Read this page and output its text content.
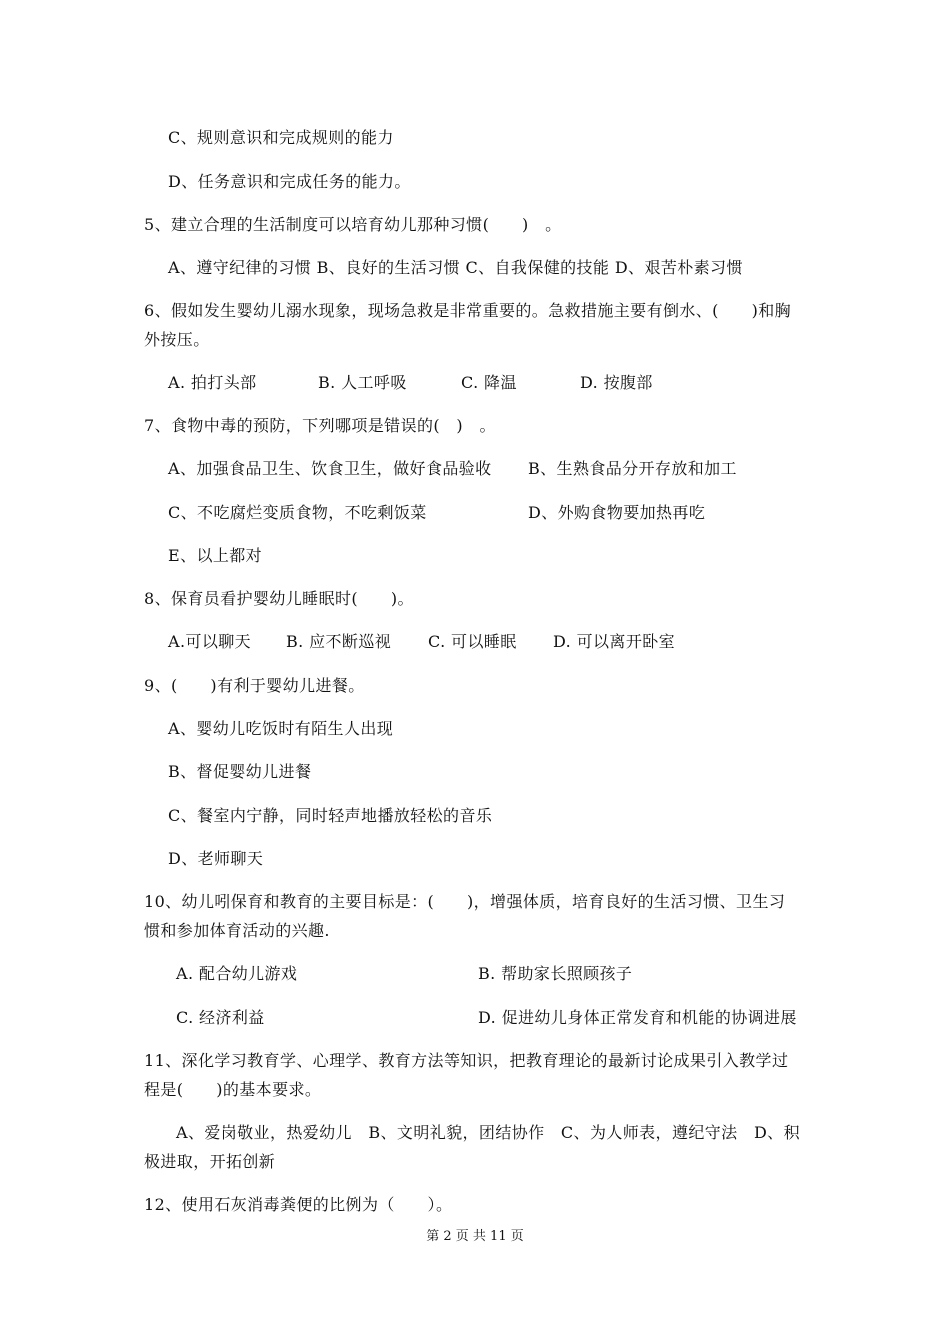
C、规则意识和完成规则的能力
D、任务意识和完成任务的能力。
5、建立合理的生活制度可以培育幼儿那种习惯(　　)　。
A、遵守纪律的习惯 B、良好的生活习惯 C、自我保健的技能 D、艰苦朴素习惯
6、假如发生婴幼儿溺水现象，现场急救是非常重要的。急救措施主要有倒水、(　　)和胸
外按压。
A. 拍打头部	B. 人工呼吸	C. 降温	D. 按腹部
7、食物中毒的预防，下列哪项是错误的(　)　。
A、加强食品卫生、饮食卫生，做好食品验收 B、生熟食品分开存放和加工
C、不吃腐烂变质食物，不吃剩饭菜	D、外购食物要加热再吃
E、以上都对
8、保育员看护婴幼儿睡眠时(　　)。
A.可以聊天 B. 应不断巡视 C. 可以睡眠 D. 可以离开卧室
9、(　　)有利于婴幼儿进餐。
A、婴幼儿吃饭时有陌生人出现
B、督促婴幼儿进餐
C、餐室内宁静，同时轻声地播放轻松的音乐
D、老师聊天
10、幼儿吲保育和教育的主要目标是：(　　)，增强体质，培育良好的生活习惯、卫生习
惯和参加体育活动的兴趣.
A. 配合幼儿游戏	B. 帮助家长照顾孩子
C. 经济利益	D. 促进幼儿身体正常发育和机能的协调进展
11、深化学习教育学、心理学、教育方法等知识，把教育理论的最新讨论成果引入教学过
程是(　　)的基本要求。
A、爱岗敬业，热爱幼儿　B、文明礼貌，团结协作　C、为人师表，遵纪守法　D、积
极进取，开拓创新
12、使用石灰消毒粪便的比例为（　　）。
第 2 页 共 11 页
